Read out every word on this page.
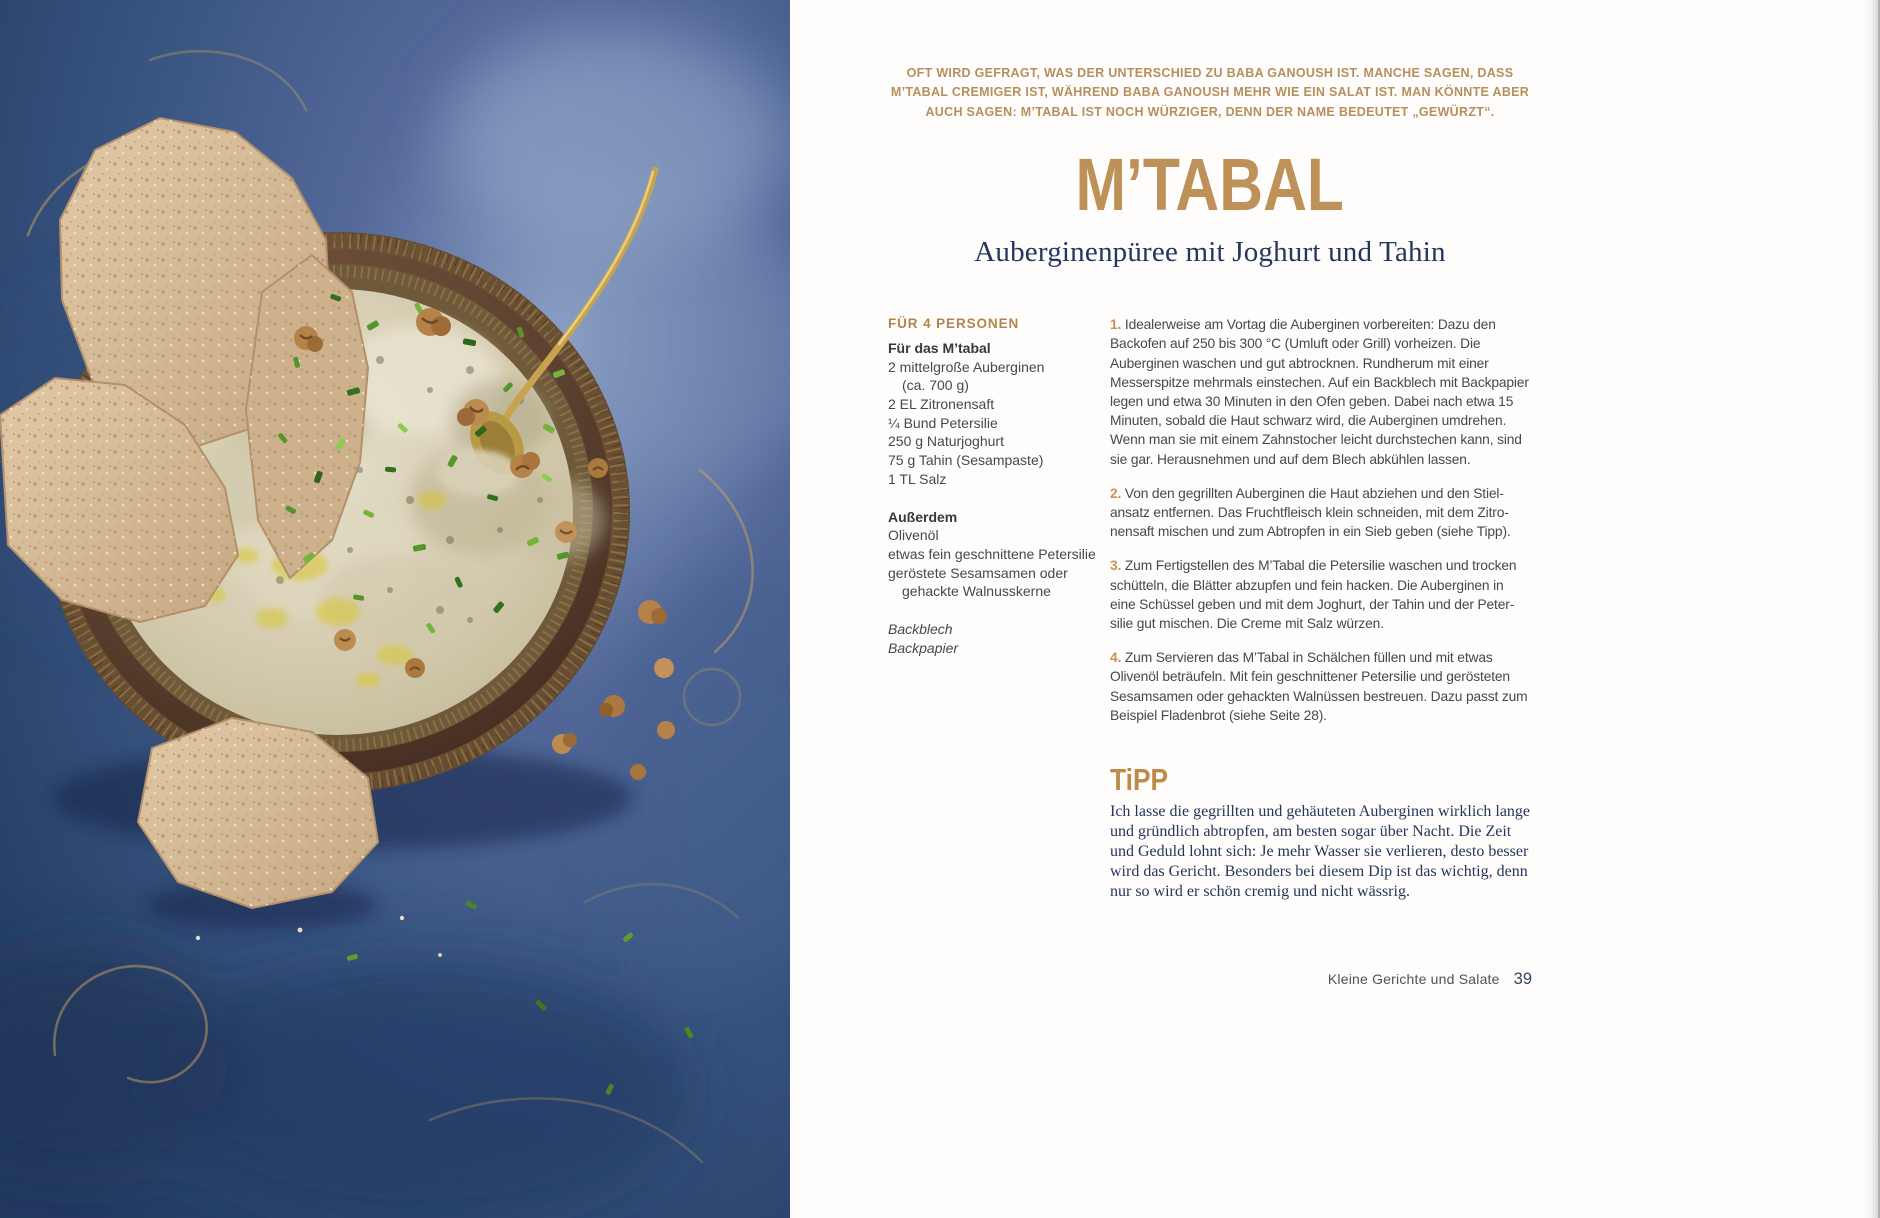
OFT WIRD GEFRAGT, WAS DER UNTERSCHIED ZU BABA GANOUSH IST. MANCHE SAGEN, DASS
M’TABAL CREMIGER IST, WÄHREND BABA GANOUSH MEHR WIE EIN SALAT IST. MAN KÖNNTE ABER
AUCH SAGEN: M’TABAL IST NOCH WÜRZIGER, DENN DER NAME BEDEUTET „GEWÜRZT“.
M’TABAL
Auberginenpüree mit Joghurt und Tahin
FÜR 4 PERSONEN
Für das M’tabal
2 mittelgroße Auberginen
(ca. 700 g)
2 EL Zitronensaft
¼ Bund Petersilie
250 g Naturjoghurt
75 g Tahin (Sesampaste)
1 TL Salz
Außerdem
Olivenöl
etwas fein geschnittene Petersilie
geröstete Sesamsamen oder
gehackte Walnusskerne
Backblech
Backpapier

1. Idealerweise am Vortag die Auberginen vorbereiten: Dazu den Backofen auf 250 bis 300 °C (Umluft oder Grill) vorheizen. Die Auberginen waschen und gut abtrocknen. Rundherum mit einer Messerspitze mehrmals einstechen. Auf ein Backblech mit Backpapier legen und etwa 30 Minuten in den Ofen geben. Dabei nach etwa 15 Minuten, sobald die Haut schwarz wird, die Auberginen umdrehen. Wenn man sie mit einem Zahnstocher leicht durchstechen kann, sind sie gar. Herausnehmen und auf dem Blech abkühlen lassen.

2. Von den gegrillten Auberginen die Haut abziehen und den Stielansatz entfernen. Das Fruchtfleisch klein schneiden, mit dem Zitronensaft mischen und zum Abtropfen in ein Sieb geben (siehe Tipp).

3. Zum Fertigstellen des M’Tabal die Petersilie waschen und trocken schütteln, die Blätter abzupfen und fein hacken. Die Auberginen in eine Schüssel geben und mit dem Joghurt, der Tahin und der Petersilie gut mischen. Die Creme mit Salz würzen.

4. Zum Servieren das M’Tabal in Schälchen füllen und mit etwas Olivenöl beträufeln. Mit fein geschnittener Petersilie und gerösteten Sesamsamen oder gehackten Walnüssen bestreuen. Dazu passt zum Beispiel Fladenbrot (siehe Seite 28).

TiPP

Ich lasse die gegrillten und gehäuteten Auberginen wirklich lange und gründlich abtropfen, am besten sogar über Nacht. Die Zeit und Geduld lohnt sich: Je mehr Wasser sie verlieren, desto besser wird das Gericht. Besonders bei diesem Dip ist das wichtig, denn nur so wird er schön cremig und nicht wässrig.

Kleine Gerichte und Salate 39
